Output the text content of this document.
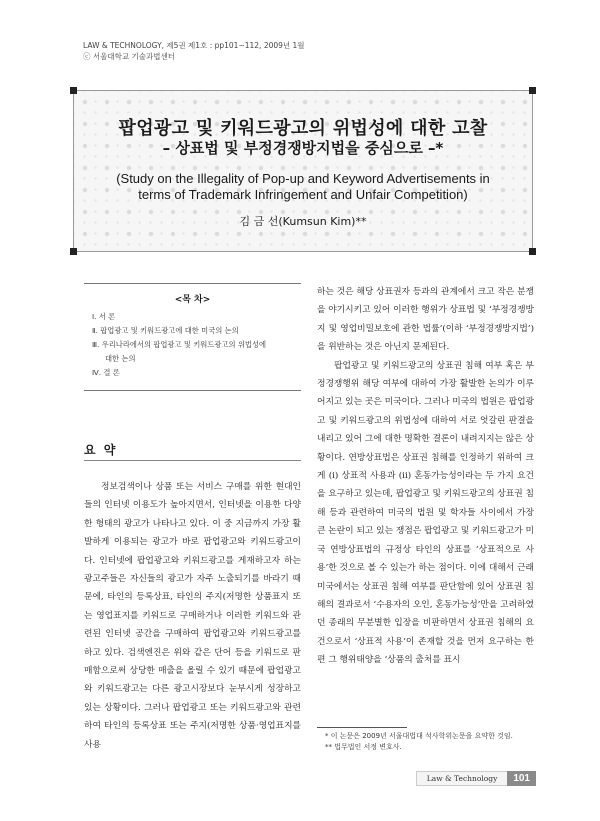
LAW & TECHNOLOGY, 제5권 제1호 : pp101∼112, 2009년 1월
ⓒ 서울대학교 기술과법센터
팝업광고 및 키워드광고의 위법성에 대한 고찰
– 상표법 및 부정경쟁방지법을 중심으로 –*
(Study on the Illegality of Pop-up and Keyword Advertisements in
terms of Trademark Infringement and Unfair Competition)
김 금 선(Kumsun Kim)**
<목 차>
Ⅰ. 서 론
Ⅱ. 팝업광고 및 키워드광고에 대한 미국의 논의
Ⅲ. 우리나라에서의 팝업광고 및 키워드광고의 위법성에
대한 논의
Ⅳ. 결 론
요 약

정보검색이나 상품 또는 서비스 구매를 위한 현대인들의 인터넷 이용도가 높아지면서, 인터넷을 이용한 다양한 형태의 광고가 나타나고 있다. 이 중 지금까지 가장 활발하게 이용되는 광고가 바로 팝업광고와 키워드광고이다. 인터넷에 팝업광고와 키워드광고를 게재하고자 하는 광고주들은 자신들의 광고가 자주 노출되기를 바라기 때문에, 타인의 등록상표, 타인의 주지(저명한 상품표지 또는 영업표지를 키워드로 구매하거나 이러한 키워드와 관련된 인터넷 공간을 구매하여 팝업광고와 키워드광고를 하고 있다. 검색엔진은 위와 같은 단어 등을 키워드로 판매함으로써 상당한 매출을 올릴 수 있기 때문에 팝업광고와 키워드광고는 다른 광고시장보다 눈부시게 성장하고 있는 상황이다. 그러나 팝업광고 또는 키워드광고와 관련하여 타인의 등록상표 또는 주지(저명한 상품·영업표지를 사용

하는 것은 해당 상표권자 등과의 관계에서 크고 작은 분쟁을 야기시키고 있어 이러한 행위가 상표법 및 ‘부정경쟁방지 및 영업비밀보호에 관한 법률’(이하 ‘부정경쟁방지법’)을 위반하는 것은 아닌지 문제된다.

팝업광고 및 키워드광고의 상표권 침해 여부 혹은 부정경쟁행위 해당 여부에 대하여 가장 활발한 논의가 이루어지고 있는 곳은 미국이다. 그러나 미국의 법원은 팝업광고 및 키워드광고의 위법성에 대하여 서로 엇갈린 판결을 내리고 있어 그에 대한 명확한 결론이 내려지지는 않은 상황이다. 연방상표법은 상표권 침해를 인정하기 위하여 크게 (i) 상표적 사용과 (ii) 혼동가능성이라는 두 가지 요건을 요구하고 있는데, 팝업광고 및 키워드광고의 상표권 침해 등과 관련하여 미국의 법원 및 학자들 사이에서 가장 큰 논란이 되고 있는 쟁점은 팝업광고 및 키워드광고가 미국 연방상표법의 규정상 타인의 상표를 ‘상표적으로 사용’한 것으로 볼 수 있는가 하는 점이다. 이에 대해서 근래 미국에서는 상표권 침해 여부를 판단함에 있어 상표권 침해의 결과로서 ‘수용자의 오인, 혼동가능성’만을 고려하였던 종래의 무분별한 입장을 비판하면서 상표권 침해의 요건으로서 ‘상표적 사용’이 존재할 것을 먼저 요구하는 한편 그 행위태양을 ‘상품의 출처를 표시

* 이 논문은 2009년 서울대법대 석사학위논문을 요약한 것임.
** 법무법인 서정 변호사.
Law & Technology	101
